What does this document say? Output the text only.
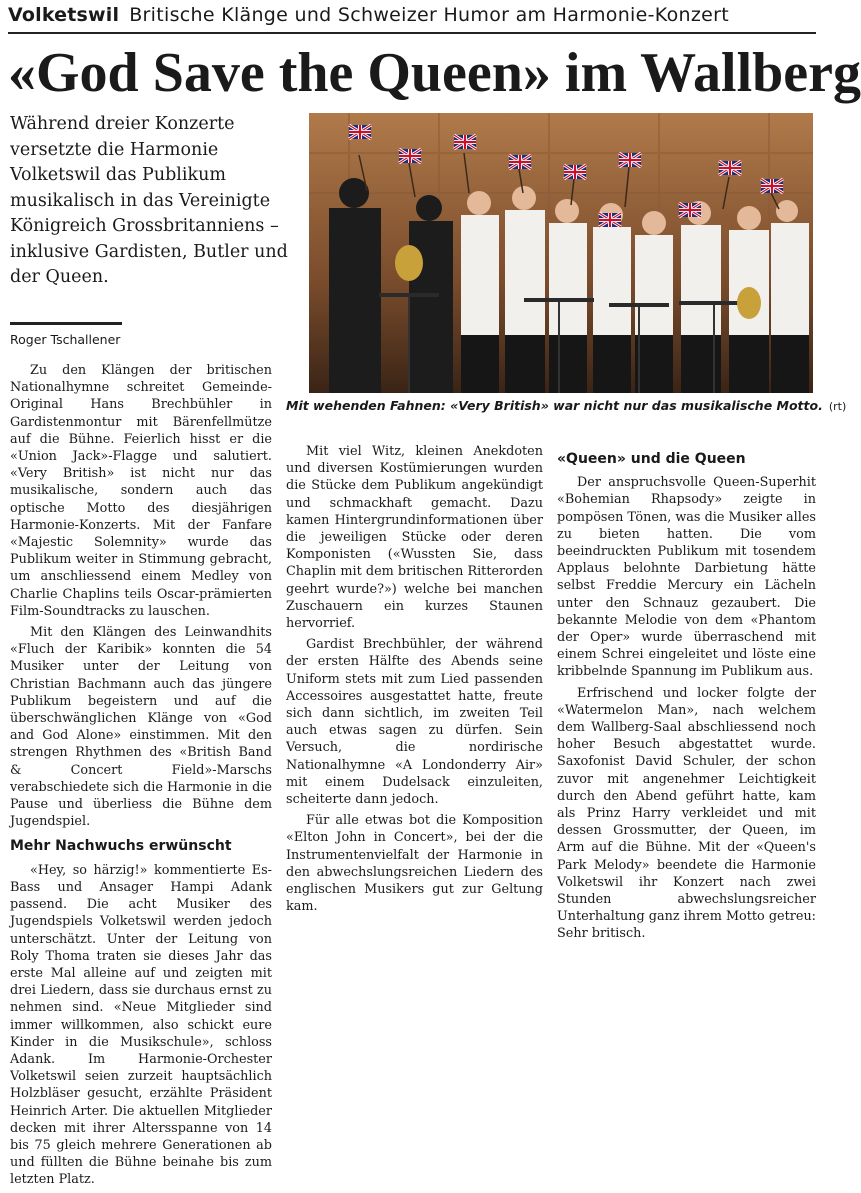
Volketswil Britische Klänge und Schweizer Humor am Harmonie-Konzert
«God Save the Queen» im Wallberg
Während dreier Konzerte versetzte die Harmonie Volketswil das Publikum musikalisch in das Vereinigte Königreich Grossbritanniens – inklusive Gardisten, Butler und der Queen.
Roger Tschallener
Mit wehenden Fahnen: «Very British» war nicht nur das musikalische Motto. (rt)

Zu den Klängen der britischen Nationalhymne schreitet Gemeinde-Original Hans Brechbühler in Gardistenmontur mit Bärenfellmütze auf die Bühne. Feierlich hisst er die «Union Jack»-Flagge und salutiert. «Very British» ist nicht nur das musikalische, sondern auch das optische Motto des diesjährigen Harmonie-Konzerts. Mit der Fanfare «Majestic Solemnity» wurde das Publikum weiter in Stimmung gebracht, um anschliessend einem Medley von Charlie Chaplins teils Oscar-prämierten Film-Soundtracks zu lauschen.

Mit den Klängen des Leinwandhits «Fluch der Karibik» konnten die 54 Musiker unter der Leitung von Christian Bachmann auch das jüngere Publikum begeistern und auf die überschwänglichen Klänge von «God and God Alone» einstimmen. Mit den strengen Rhythmen des «British Band & Concert Field»-Marschs verabschiedete sich die Harmonie in die Pause und überliess die Bühne dem Jugendspiel.

Mehr Nachwuchs erwünscht

«Hey, so härzig!» kommentierte Es-Bass und Ansager Hampi Adank passend. Die acht Musiker des Jugendspiels Volketswil werden jedoch unterschätzt. Unter der Leitung von Roly Thoma traten sie dieses Jahr das erste Mal alleine auf und zeigten mit drei Liedern, dass sie durchaus ernst zu nehmen sind. «Neue Mitglieder sind immer willkommen, also schickt eure Kinder in die Musikschule», schloss Adank. Im Harmonie-Orchester Volketswil seien zurzeit hauptsächlich Holzbläser gesucht, erzählte Präsident Heinrich Arter. Die aktuellen Mitglieder decken mit ihrer Altersspanne von 14 bis 75 gleich mehrere Generationen ab und füllten die Bühne beinahe bis zum letzten Platz.

Mit viel Witz, kleinen Anekdoten und diversen Kostümierungen wurden die Stücke dem Publikum angekündigt und schmackhaft gemacht. Dazu kamen Hintergrundinformationen über die jeweiligen Stücke oder deren Komponisten («Wussten Sie, dass Chaplin mit dem britischen Ritterorden geehrt wurde?») welche bei manchen Zuschauern ein kurzes Staunen hervorrief.

Gardist Brechbühler, der während der ersten Hälfte des Abends seine Uniform stets mit zum Lied passenden Accessoires ausgestattet hatte, freute sich dann sichtlich, im zweiten Teil auch etwas sagen zu dürfen. Sein Versuch, die nordirische Nationalhymne «A Londonderry Air» mit einem Dudelsack einzuleiten, scheiterte dann jedoch.

Für alle etwas bot die Komposition «Elton John in Concert», bei der die Instrumentenvielfalt der Harmonie in den abwechslungsreichen Liedern des englischen Musikers gut zur Geltung kam.

«Queen» und die Queen

Der anspruchsvolle Queen-Superhit «Bohemian Rhapsody» zeigte in pompösen Tönen, was die Musiker alles zu bieten hatten. Die vom beeindruckten Publikum mit tosendem Applaus belohnte Darbietung hätte selbst Freddie Mercury ein Lächeln unter den Schnauz gezaubert. Die bekannte Melodie von dem «Phantom der Oper» wurde überraschend mit einem Schrei eingeleitet und löste eine kribbelnde Spannung im Publikum aus.

Erfrischend und locker folgte der «Watermelon Man», nach welchem dem Wallberg-Saal abschliessend noch hoher Besuch abgestattet wurde. Saxofonist David Schuler, der schon zuvor mit angenehmer Leichtigkeit durch den Abend geführt hatte, kam als Prinz Harry verkleidet und mit dessen Grossmutter, der Queen, im Arm auf die Bühne. Mit der «Queen's Park Melody» beendete die Harmonie Volketswil ihr Konzert nach zwei Stunden abwechslungsreicher Unterhaltung ganz ihrem Motto getreu: Sehr britisch.
